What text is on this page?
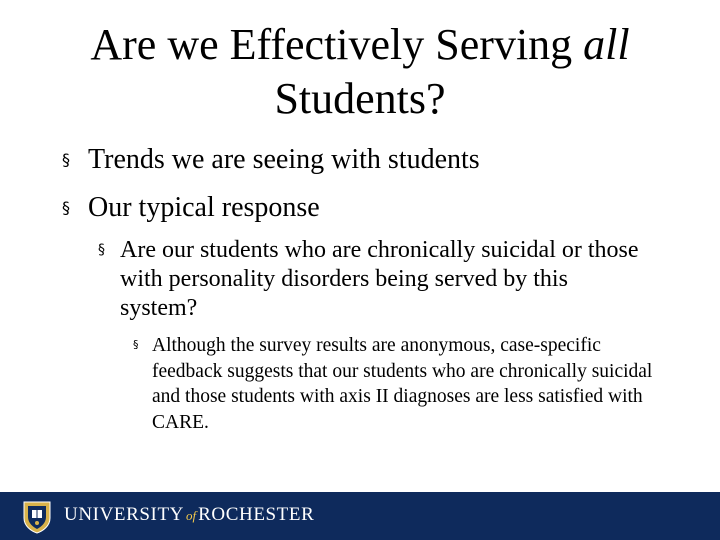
Are we Effectively Serving all
Students?
§ Trends we are seeing with students
§ Our typical response
§ Are our students who are chronically suicidal or those with personality disorders being served by this system?
§ Although the survey results are anonymous, case-specific feedback suggests that our students who are chronically suicidal and those students with axis II diagnoses are less satisfied with CARE.
UNIVERSITY of ROCHESTER
